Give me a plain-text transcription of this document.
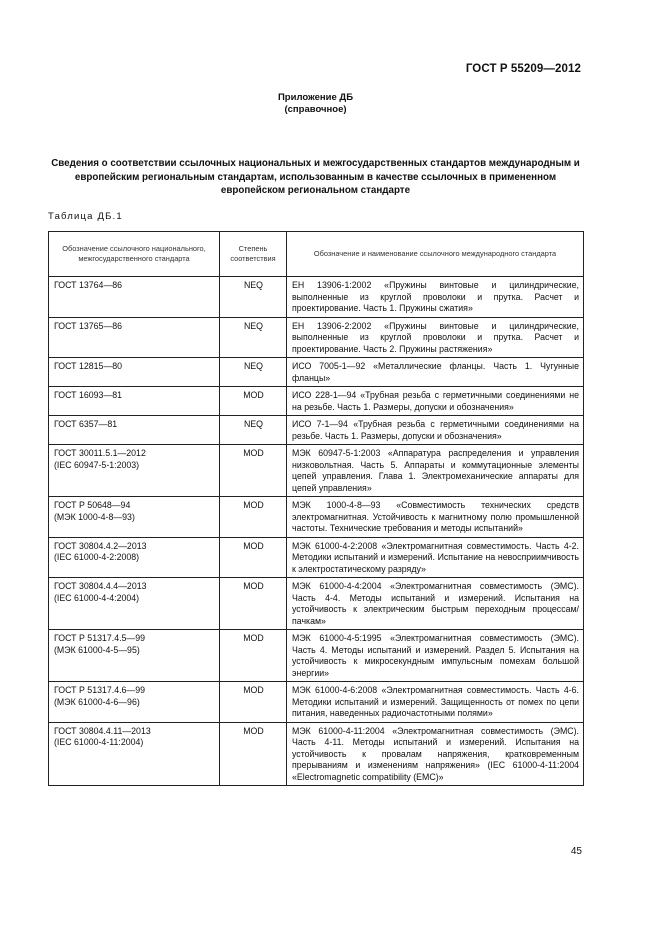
ГОСТ Р 55209—2012
Приложение ДБ
(справочное)
Сведения о соответствии ссылочных национальных и межгосударственных стандартов международным и европейским региональным стандартам, использованным в качестве ссылочных в примененном европейском региональном стандарте
Таблица ДБ.1
Обозначение ссылочного национального, межгосударственного стандарта	Степень соответствия	Обозначение и наименование ссылочного международного стандарта
ГОСТ 13764—86	NEQ	ЕН 13906-1:2002 «Пружины винтовые и цилиндрические, выполненные из круглой проволоки и прутка. Расчет и проектирование. Часть 1. Пружины сжатия»
ГОСТ 13765—86	NEQ	ЕН 13906-2:2002 «Пружины винтовые и цилиндрические, выполненные из круглой проволоки и прутка. Расчет и проектирование. Часть 2. Пружины растяжения»
ГОСТ 12815—80	NEQ	ИСО 7005-1—92 «Металлические фланцы. Часть 1. Чугунные фланцы»
ГОСТ 16093—81	MOD	ИСО 228-1—94 «Трубная резьба с герметичными соединениями не на резьбе. Часть 1. Размеры, допуски и обозначения»
ГОСТ 6357—81	NEQ	ИСО 7-1—94 «Трубная резьба с герметичными соединениями на резьбе. Часть 1. Размеры, допуски и обозначения»
ГОСТ 30011.5.1—2012
(IEC 60947-5-1:2003)	MOD	МЭК 60947-5-1:2003 «Аппаратура распределения и управления низковольтная. Часть 5. Аппараты и коммутационные элементы цепей управления. Глава 1. Электромеханические аппараты для цепей управления»
ГОСТ Р 50648—94
(МЭК 1000-4-8—93)	MOD	МЭК 1000-4-8—93 «Совместимость технических средств электромагнитная. Устойчивость к магнитному полю промышленной частоты. Технические требования и методы испытаний»
ГОСТ 30804.4.2—2013
(IEC 61000-4-2:2008)	MOD	МЭК 61000-4-2:2008 «Электромагнитная совместимость. Часть 4-2. Методики испытаний и измерений. Испытание на невосприимчивость к электростатическому разряду»
ГОСТ 30804.4.4—2013
(IEC 61000-4-4:2004)	MOD	МЭК 61000-4-4:2004 «Электромагнитная совместимость (ЭМС). Часть 4-4. Методы испытаний и измерений. Испытания на устойчивость к электрическим быстрым переходным процессам/пачкам»
ГОСТ Р 51317.4.5—99
(МЭК 61000-4-5—95)	MOD	МЭК 61000-4-5:1995 «Электромагнитная совместимость (ЭМС). Часть 4. Методы испытаний и измерений. Раздел 5. Испытания на устойчивость к микросекундным импульсным помехам большой энергии»
ГОСТ Р 51317.4.6—99
(МЭК 61000-4-6—96)	MOD	МЭК 61000-4-6:2008 «Электромагнитная совместимость. Часть 4-6. Методики испытаний и измерений. Защищенность от помех по цепи питания, наведенных радиочастотными полями»
ГОСТ 30804.4.11—2013
(IEC 61000-4-11:2004)	MOD	МЭК 61000-4-11:2004 «Электромагнитная совместимость (ЭМС). Часть 4-11. Методы испытаний и измерений. Испытания на устойчивость к провалам напряжения, кратковременным прерываниям и изменениям напряжения» (IEC 61000-4-11:2004 «Electromagnetic compatibility (EMC)»
45
